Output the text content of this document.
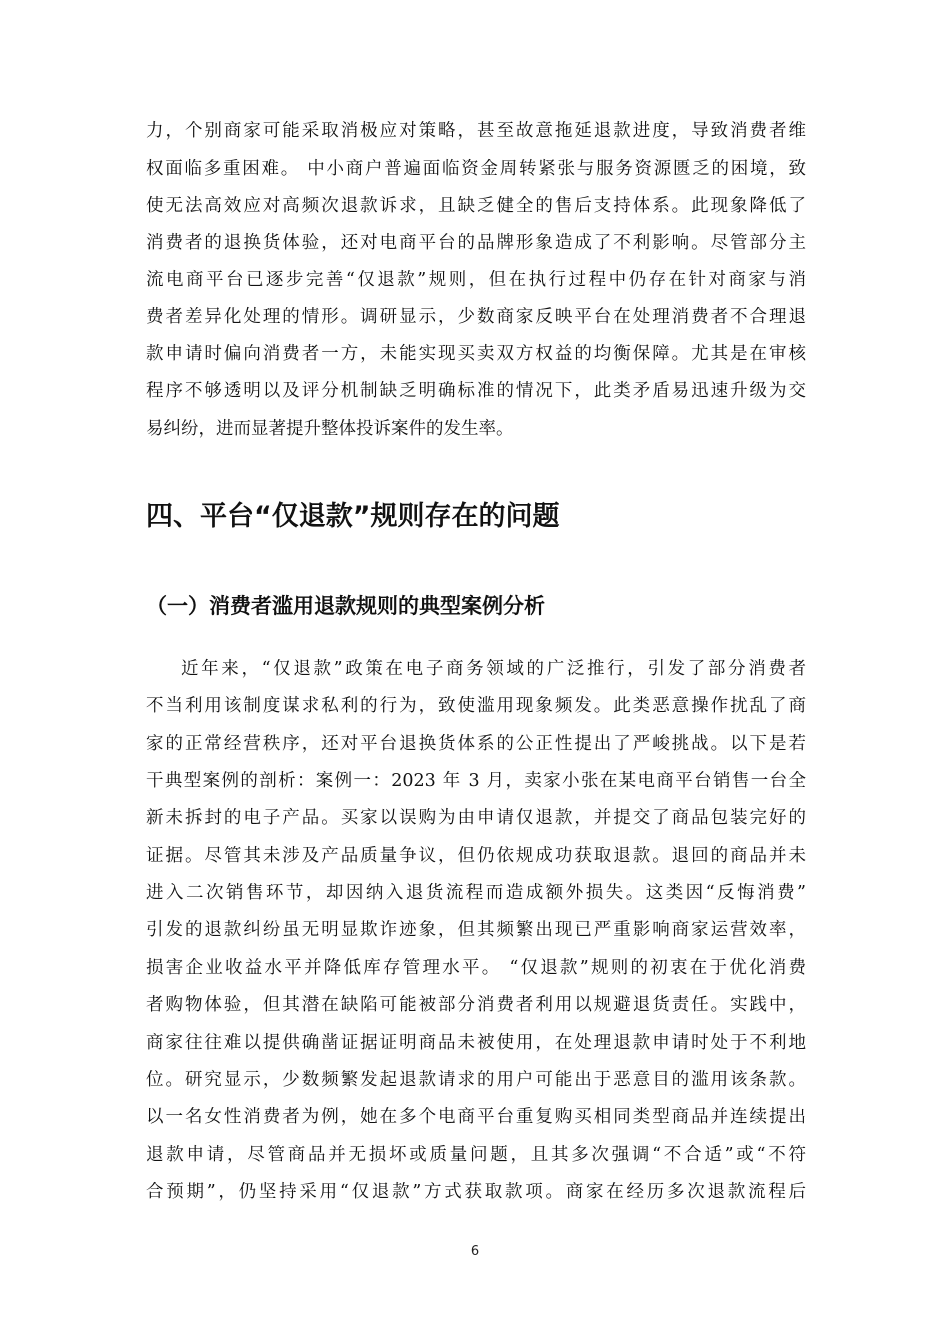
力，个别商家可能采取消极应对策略，甚至故意拖延退款进度，导致消费者维
权面临多重困难。 中小商户普遍面临资金周转紧张与服务资源匮乏的困境，致
使无法高效应对高频次退款诉求，且缺乏健全的售后支持体系。此现象降低了
消费者的退换货体验，还对电商平台的品牌形象造成了不利影响。尽管部分主
流电商平台已逐步完善“仅退款”规则，但在执行过程中仍存在针对商家与消
费者差异化处理的情形。调研显示，少数商家反映平台在处理消费者不合理退
款申请时偏向消费者一方，未能实现买卖双方权益的均衡保障。尤其是在审核
程序不够透明以及评分机制缺乏明确标准的情况下，此类矛盾易迅速升级为交
易纠纷，进而显著提升整体投诉案件的发生率。
四、平台“仅退款”规则存在的问题
（一）消费者滥用退款规则的典型案例分析
近年来，“仅退款”政策在电子商务领域的广泛推行，引发了部分消费者
不当利用该制度谋求私利的行为，致使滥用现象频发。此类恶意操作扰乱了商
家的正常经营秩序，还对平台退换货体系的公正性提出了严峻挑战。以下是若
干典型案例的剖析：案例一：2023 年 3 月，卖家小张在某电商平台销售一台全
新未拆封的电子产品。买家以误购为由申请仅退款，并提交了商品包装完好的
证据。尽管其未涉及产品质量争议，但仍依规成功获取退款。退回的商品并未
进入二次销售环节，却因纳入退货流程而造成额外损失。这类因“反悔消费”
引发的退款纠纷虽无明显欺诈迹象，但其频繁出现已严重影响商家运营效率，
损害企业收益水平并降低库存管理水平。 “仅退款”规则的初衷在于优化消费
者购物体验，但其潜在缺陷可能被部分消费者利用以规避退货责任。实践中，
商家往往难以提供确凿证据证明商品未被使用，在处理退款申请时处于不利地
位。研究显示，少数频繁发起退款请求的用户可能出于恶意目的滥用该条款。
以一名女性消费者为例，她在多个电商平台重复购买相同类型商品并连续提出
退款申请，尽管商品并无损坏或质量问题，且其多次强调“不合适”或“不符
合预期”，仍坚持采用“仅退款”方式获取款项。商家在经历多次退款流程后
6
